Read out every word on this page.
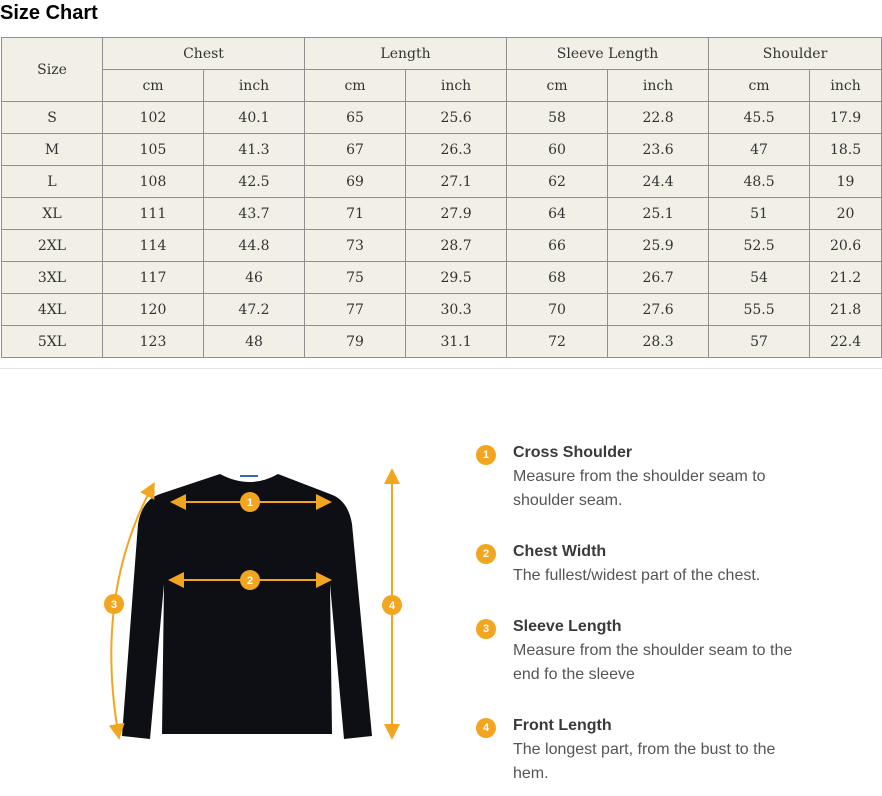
Size Chart
Size	Chest		Length		Sleeve Length		Shoulder	
	cm	inch	cm	inch	cm	inch	cm	inch
S	102	40.1	65	25.6	58	22.8	45.5	17.9
M	105	41.3	67	26.3	60	23.6	47	18.5
L	108	42.5	69	27.1	62	24.4	48.5	19
XL	111	43.7	71	27.9	64	25.1	51	20
2XL	114	44.8	73	28.7	66	25.9	52.5	20.6
3XL	117	46	75	29.5	68	26.7	54	21.2
4XL	120	47.2	77	30.3	70	27.6	55.5	21.8
5XL	123	48	79	31.1	72	28.3	57	22.4
1
2
3	4
1	Cross Shoulder
Measure from the shoulder seam to shoulder seam.
2	Chest Width
The fullest/widest part of the chest.
3	Sleeve Length
Measure from the shoulder seam to the end fo the sleeve
4	Front Length
The longest part, from the bust to the hem.
